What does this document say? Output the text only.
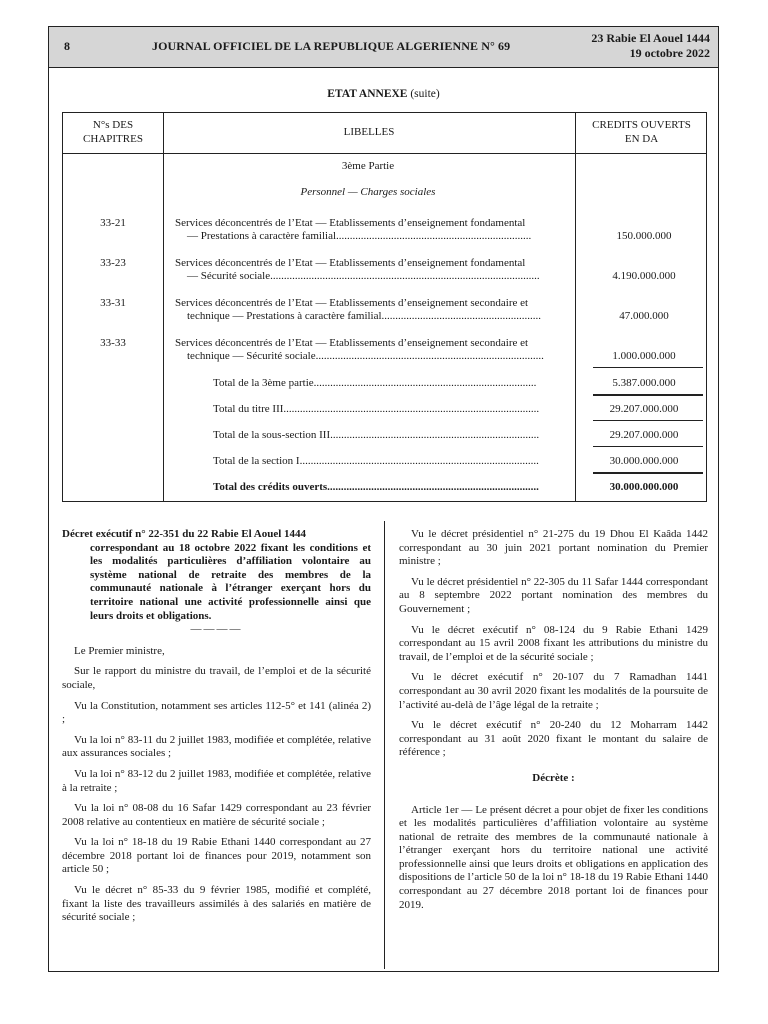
8	JOURNAL OFFICIEL DE LA REPUBLIQUE ALGERIENNE N° 69
23 Rabie El Aouel 1444
19 octobre 2022
ETAT ANNEXE (suite)
N°s DES
CHAPITRES
LIBELLES
CREDITS OUVERTS
EN DA
3ème Partie
Personnel — Charges sociales
33-21	Services déconcentrés de l’Etat — Etablissements d’enseignement fondamental
— Prestations à caractère familial.......................................................................	150.000.000
33-23	Services déconcentrés de l’Etat — Etablissements d’enseignement fondamental
— Sécurité sociale..................................................................................................	4.190.000.000
33-31	Services déconcentrés de l’Etat — Etablissements d’enseignement secondaire et
technique — Prestations à caractère familial..........................................................	47.000.000
33-33	Services déconcentrés de l’Etat — Etablissements d’enseignement secondaire et
technique — Sécurité sociale...................................................................................	1.000.000.000
Total de la 3ème partie.................................................................................	5.387.000.000
Total du titre III.............................................................................................	29.207.000.000
Total de la sous-section III............................................................................	29.207.000.000
Total de la section I.......................................................................................	30.000.000.000
Total des crédits ouverts.............................................................................	30.000.000.000
Décret exécutif n° 22-351 du 22 Rabie El Aouel 1444
correspondant au 18 octobre 2022 fixant les conditions et les modalités particulières d’affiliation volontaire au système national de retraite des membres de la communauté nationale à l’étranger exerçant hors du territoire national une activité professionnelle ainsi que leurs droits et obligations.
————

Le Premier ministre,

Sur le rapport du ministre du travail, de l’emploi et de la sécurité sociale,

Vu la Constitution, notamment ses articles 112-5° et 141 (alinéa 2) ;

Vu la loi n° 83-11 du 2 juillet 1983, modifiée et complétée, relative aux assurances sociales ;

Vu la loi n° 83-12 du 2 juillet 1983, modifiée et complétée, relative à la retraite ;

Vu la loi n° 08-08 du 16 Safar 1429 correspondant au 23 février 2008 relative au contentieux en matière de sécurité sociale ;

Vu la loi n° 18-18 du 19 Rabie Ethani 1440 correspondant au 27 décembre 2018 portant loi de finances pour 2019, notamment son article 50 ;

Vu le décret n° 85-33 du 9 février 1985, modifié et complété, fixant la liste des travailleurs assimilés à des salariés en matière de sécurité sociale ;

Vu le décret présidentiel n° 21-275 du 19 Dhou El Kaâda 1442 correspondant au 30 juin 2021 portant nomination du Premier ministre ;

Vu le décret présidentiel n° 22-305 du 11 Safar 1444 correspondant au 8 septembre 2022 portant nomination des membres du Gouvernement ;

Vu le décret exécutif n° 08-124 du 9 Rabie Ethani 1429 correspondant au 15 avril 2008 fixant les attributions du ministre du travail, de l’emploi et de la sécurité sociale ;

Vu le décret exécutif n° 20-107 du 7 Ramadhan 1441 correspondant au 30 avril 2020 fixant les modalités de la poursuite de l’activité au-delà de l’âge légal de la retraite ;

Vu le décret exécutif n° 20-240 du 12 Moharram 1442 correspondant au 31 août 2020 fixant le montant du salaire de référence ;

Décrète :

Article 1er — Le présent décret a pour objet de fixer les conditions et les modalités particulières d’affiliation volontaire au système national de retraite des membres de la communauté nationale à l’étranger exerçant hors du territoire national une activité professionnelle ainsi que leurs droits et obligations en application des dispositions de l’article 50 de la loi n° 18-18 du 19 Rabie Ethani 1440 correspondant au 27 décembre 2018 portant loi de finances pour 2019.
